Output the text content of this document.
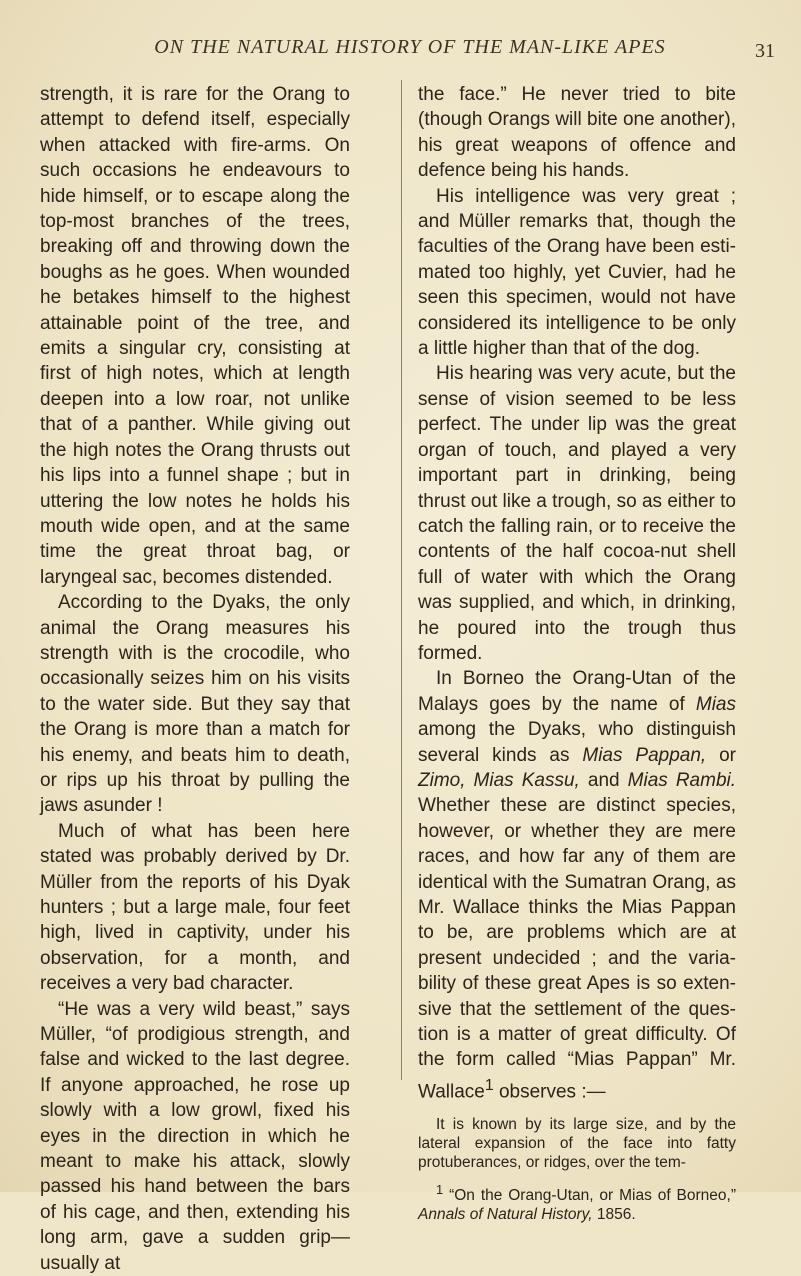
ON THE NATURAL HISTORY OF THE MAN-LIKE APES	31

strength, it is rare for the Orang to attempt to defend itself, especially when attacked with fire-arms. On such occasions he endeavours to hide himself, or to escape along the top-most branches of the trees, breaking off and throwing down the boughs as he goes. When wounded he betakes himself to the highest attainable point of the tree, and emits a singular cry, consisting at first of high notes, which at length deepen into a low roar, not unlike that of a panther. While giving out the high notes the Orang thrusts out his lips into a funnel shape ; but in uttering the low notes he holds his mouth wide open, and at the same time the great throat bag, or laryngeal sac, becomes distended.

According to the Dyaks, the only animal the Orang measures his strength with is the crocodile, who occasionally seizes him on his visits to the water side. But they say that the Orang is more than a match for his enemy, and beats him to death, or rips up his throat by pulling the jaws asunder !

Much of what has been here stated was probably derived by Dr. Müller from the reports of his Dyak hunters ; but a large male, four feet high, lived in captivity, under his observation, for a month, and receives a very bad character.

“He was a very wild beast,” says Müller, “of prodigious strength, and false and wicked to the last degree. If anyone approached, he rose up slowly with a low growl, fixed his eyes in the direction in which he meant to make his attack, slowly passed his hand between the bars of his cage, and then, extending his long arm, gave a sudden grip—usually at

the face.” He never tried to bite (though Orangs will bite one another), his great weapons of offence and defence being his hands.

His intelligence was very great ; and Müller remarks that, though the faculties of the Orang have been esti-mated too highly, yet Cuvier, had he seen this specimen, would not have considered its intelligence to be only a little higher than that of the dog.

His hearing was very acute, but the sense of vision seemed to be less perfect. The under lip was the great organ of touch, and played a very important part in drinking, being thrust out like a trough, so as either to catch the falling rain, or to receive the contents of the half cocoa-nut shell full of water with which the Orang was supplied, and which, in drinking, he poured into the trough thus formed.

In Borneo the Orang-Utan of the Malays goes by the name of Mias among the Dyaks, who distinguish several kinds as Mias Pappan, or Zimo, Mias Kassu, and Mias Rambi. Whether these are distinct species, however, or whether they are mere races, and how far any of them are identical with the Sumatran Orang, as Mr. Wallace thinks the Mias Pappan to be, are problems which are at present undecided ; and the varia-bility of these great Apes is so exten-sive that the settlement of the ques-tion is a matter of great difficulty. Of the form called “Mias Pappan” Mr. Wallace$^1$ observes :—

It is known by its large size, and by the lateral expansion of the face into fatty protuberances, or ridges, over the tem-

$^1$ “On the Orang-Utan, or Mias of Borneo,” Annals of Natural History, 1856.
